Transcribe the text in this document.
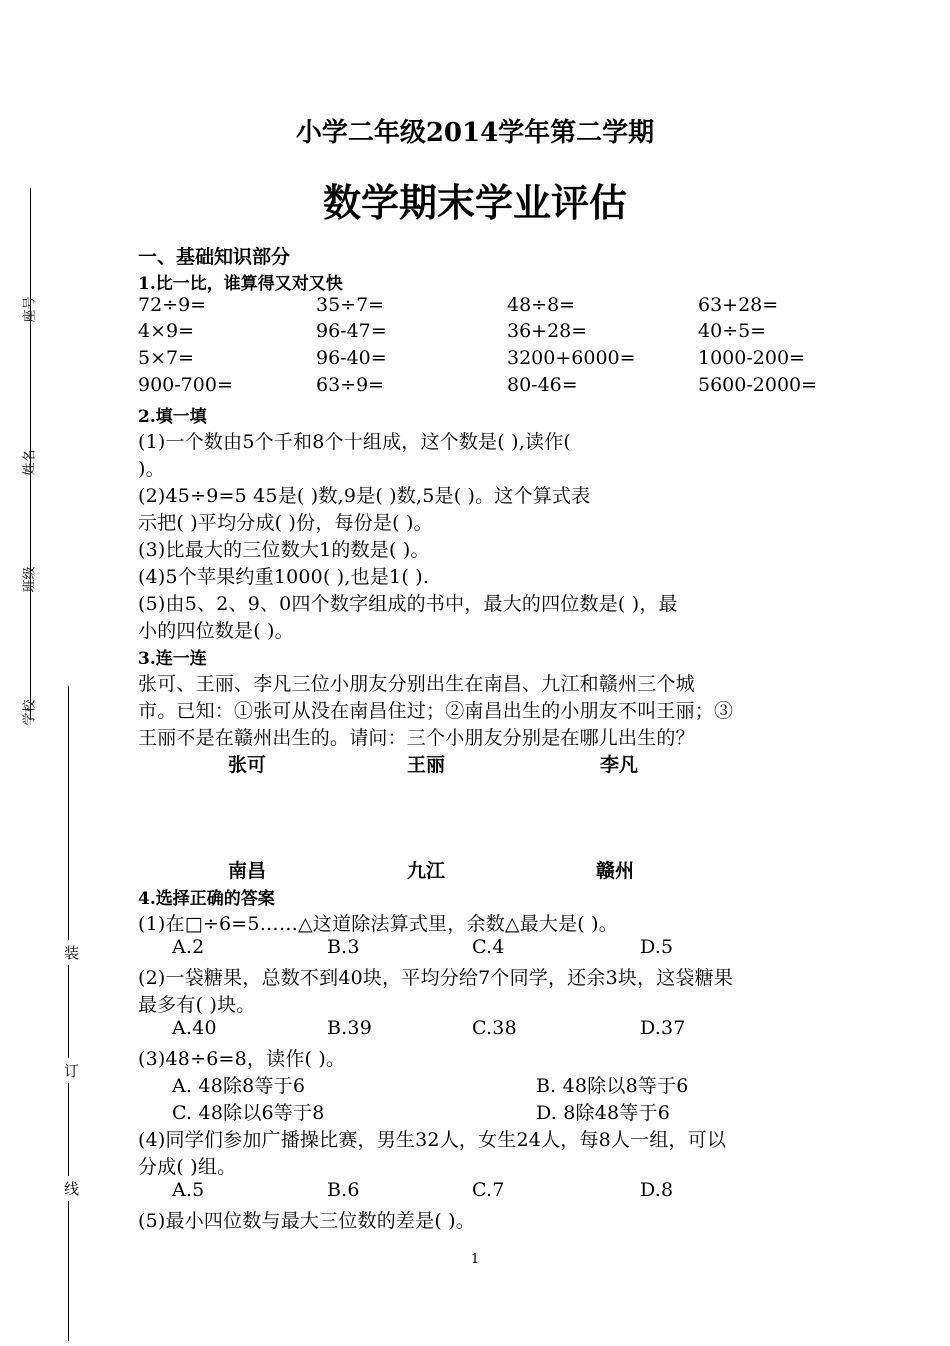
座号
姓名
班级
学校
装
订
线
小学二年级2014学年第二学期
数学期末学业评估
一、基础知识部分
1.比一比，谁算得又对又快
72÷9=	35÷7=	48÷8=	63+28=
4×9=	96-47=	36+28=	40÷5=
5×7=	96-40=	3200+6000=	1000-200=
900-700=	63÷9=	80-46=	5600-2000=
2.填一填
(1)一个数由5个千和8个十组成，这个数是( ),读作(
)。
(2)45÷9=5 45是( )数,9是( )数,5是( )。这个算式表
示把( )平均分成( )份，每份是( )。
(3)比最大的三位数大1的数是( )。
(4)5个苹果约重1000( ),也是1( ).
(5)由5、2、9、0四个数字组成的书中，最大的四位数是( )，最
小的四位数是( )。
3.连一连
张可、王丽、李凡三位小朋友分别出生在南昌、九江和赣州三个城
市。已知：①张可从没在南昌住过；②南昌出生的小朋友不叫王丽；③
王丽不是在赣州出生的。请问：三个小朋友分别是在哪儿出生的？
张可	王丽	李凡
南昌	九江	赣州
4.选择正确的答案
(1)在□÷6=5……△这道除法算式里，余数△最大是( )。
A.2	B.3	C.4	D.5
(2)一袋糖果，总数不到40块，平均分给7个同学，还余3块，这袋糖果
最多有( )块。
A.40	B.39	C.38	D.37
(3)48÷6=8，读作( )。
A. 48除8等于6	B. 48除以8等于6
C. 48除以6等于8	D. 8除48等于6
(4)同学们参加广播操比赛，男生32人，女生24人，每8人一组，可以
分成( )组。
A.5	B.6	C.7	D.8
(5)最小四位数与最大三位数的差是( )。
1
